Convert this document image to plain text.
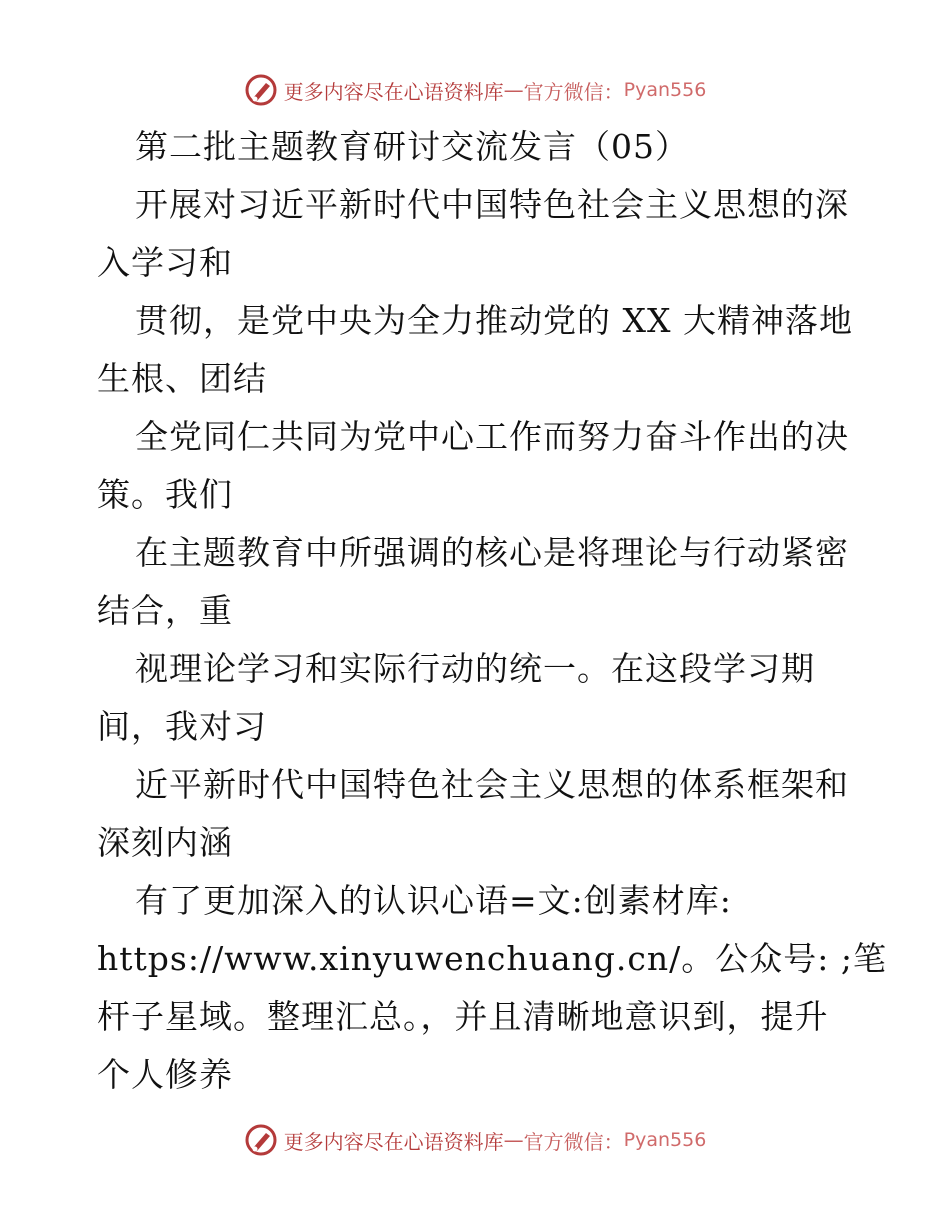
更多内容尽在心语资料库 — 官方微信： Pyan556
第二批主题教育研讨交流发言（05）
开展对习近平新时代中国特色社会主义思想的深
入学习和
贯彻，是党中央为全力推动党的 XX 大精神落地
生根、团结
全党同仁共同为党中心工作而努力奋斗作出的决
策。我们
在主题教育中所强调的核心是将理论与行动紧密
结合，重
视理论学习和实际行动的统一。在这段学习期
间，我对习
近平新时代中国特色社会主义思想的体系框架和
深刻内涵
有了更加深入的认识心语=文:创素材库:
https://www.xinyuwenchuang.cn/。公众号: ;笔
杆子星域。整理汇总。，并且清晰地意识到，提升
个人修养
更多内容尽在心语资料库 — 官方微信： Pyan556
